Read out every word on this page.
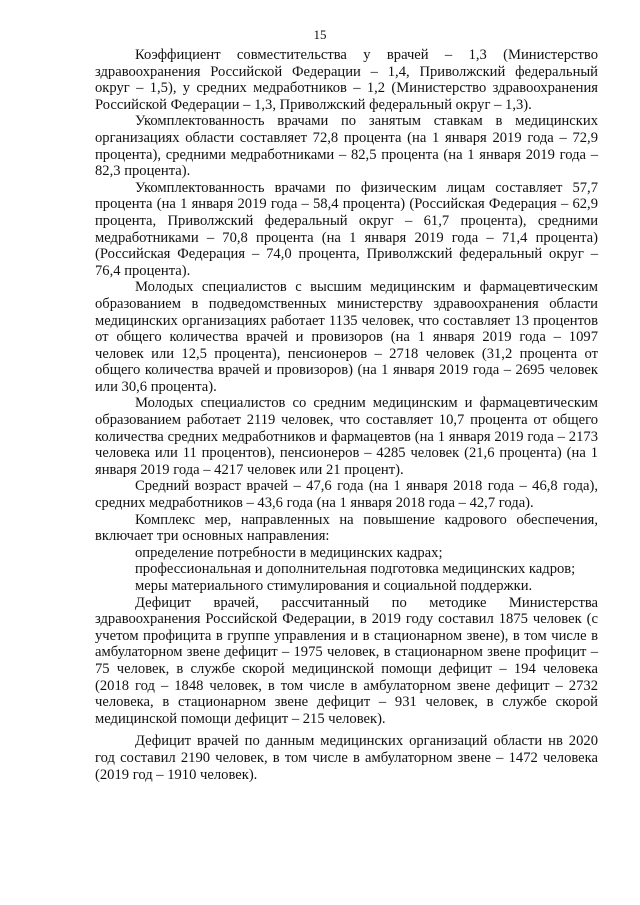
15

Коэффициент совместительства у врачей – 1,3 (Министерство здравоохранения Российской Федерации – 1,4, Приволжский федеральный округ – 1,5), у средних медработников – 1,2 (Министерство здравоохранения Российской Федерации – 1,3, Приволжский федеральный округ – 1,3).

Укомплектованность врачами по занятым ставкам в медицинских организациях области составляет 72,8 процента (на 1 января 2019 года – 72,9 процента), средними медработниками – 82,5 процента (на 1 января 2019 года – 82,3 процента).

Укомплектованность врачами по физическим лицам составляет 57,7 процента (на 1 января 2019 года – 58,4 процента) (Российская Федерация – 62,9 процента, Приволжский федеральный округ – 61,7 процента), средними медработниками – 70,8 процента (на 1 января 2019 года – 71,4 процента) (Российская Федерация – 74,0 процента, Приволжский федеральный округ – 76,4 процента).

Молодых специалистов с высшим медицинским и фармацевтическим образованием в подведомственных министерству здравоохранения области медицинских организациях работает 1135 человек, что составляет 13 процентов от общего количества врачей и провизоров (на 1 января 2019 года – 1097 человек или 12,5 процента), пенсионеров – 2718 человек (31,2 процента от общего количества врачей и провизоров) (на 1 января 2019 года – 2695 человек или 30,6 процента).

Молодых специалистов со средним медицинским и фармацевтическим образованием работает 2119 человек, что составляет 10,7 процента от общего количества средних медработников и фармацевтов (на 1 января 2019 года – 2173 человека или 11 процентов), пенсионеров – 4285 человек (21,6 процента) (на 1 января 2019 года – 4217 человек или 21 процент).

Средний возраст врачей – 47,6 года (на 1 января 2018 года – 46,8 года), средних медработников – 43,6 года (на 1 января 2018 года – 42,7 года).

Комплекс мер, направленных на повышение кадрового обеспечения, включает три основных направления:

определение потребности в медицинских кадрах;

профессиональная и дополнительная подготовка медицинских кадров;

меры материального стимулирования и социальной поддержки.

Дефицит врачей, рассчитанный по методике Министерства здравоохранения Российской Федерации, в 2019 году составил 1875 человек (с учетом профицита в группе управления и в стационарном звене), в том числе в амбулаторном звене дефицит – 1975 человек, в стационарном звене профицит – 75 человек, в службе скорой медицинской помощи дефицит – 194 человека (2018 год – 1848 человек, в том числе в амбулаторном звене дефицит – 2732 человека, в стационарном звене дефицит – 931 человек, в службе скорой медицинской помощи дефицит – 215 человек).

Дефицит врачей по данным медицинских организаций области нв 2020 год составил 2190 человек, в том числе в амбулаторном звене – 1472 человека (2019 год – 1910 человек).
